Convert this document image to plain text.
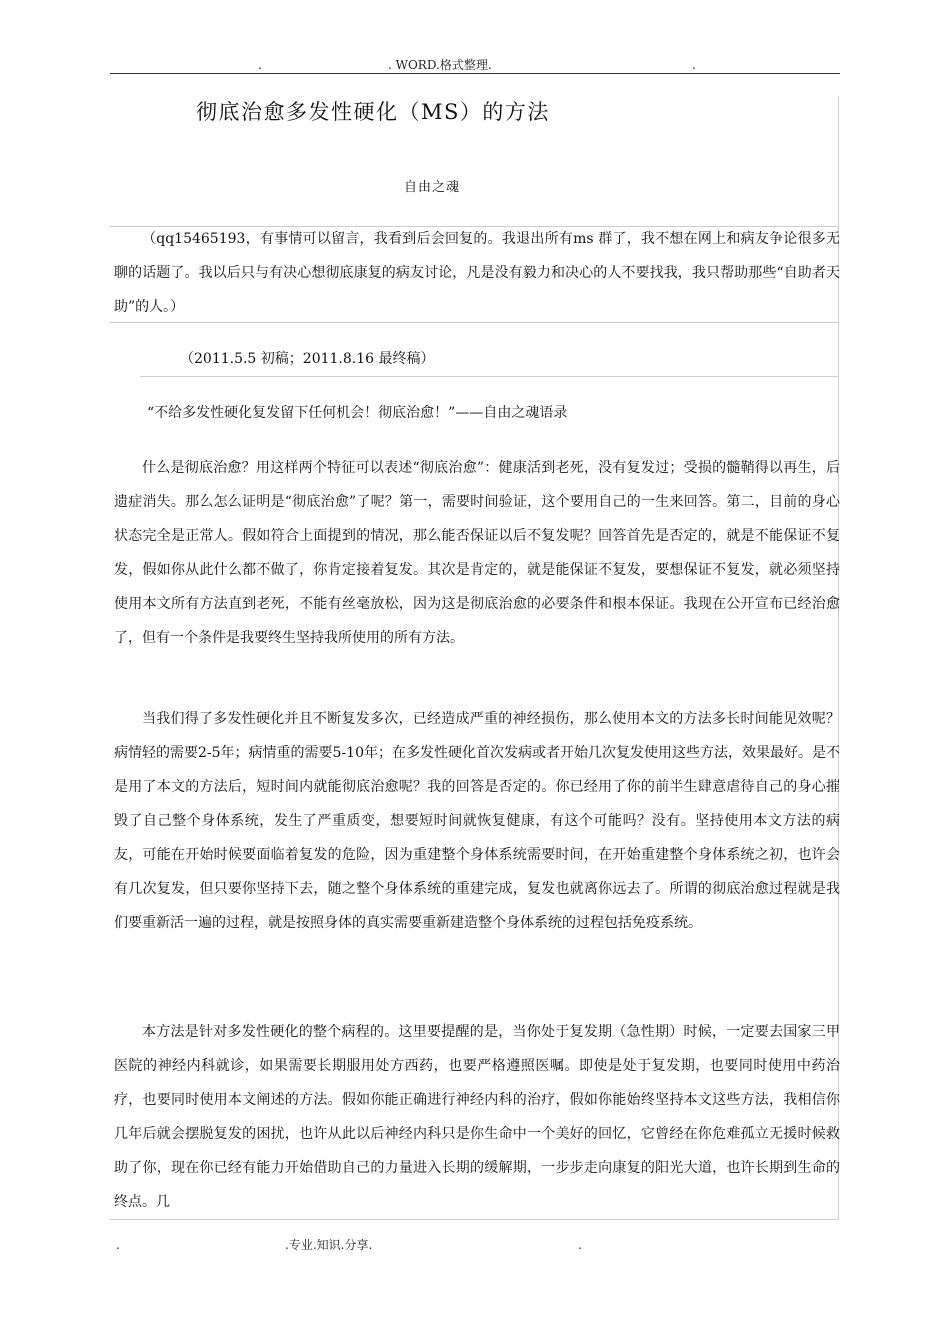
.	. WORD.格式整理.	.
彻底治愈多发性硬化（MS）的方法
自由之魂

（qq15465193，有事情可以留言，我看到后会回复的。我退出所有ms 群了，我不想在网上和病友争论很多无聊的话题了。我以后只与有决心想彻底康复的病友讨论，凡是没有毅力和决心的人不要找我，我只帮助那些“自助者天助”的人。）

（2011.5.5 初稿；2011.8.16 最终稿）
“不给多发性硬化复发留下任何机会！彻底治愈！”——自由之魂语录

什么是彻底治愈？用这样两个特征可以表述“彻底治愈”：健康活到老死，没有复发过；受损的髓鞘得以再生，后遗症消失。那么怎么证明是“彻底治愈”了呢？第一，需要时间验证，这个要用自己的一生来回答。第二，目前的身心状态完全是正常人。假如符合上面提到的情况，那么能否保证以后不复发呢？回答首先是否定的，就是不能保证不复发，假如你从此什么都不做了，你肯定接着复发。其次是肯定的，就是能保证不复发，要想保证不复发，就必须坚持使用本文所有方法直到老死，不能有丝毫放松，因为这是彻底治愈的必要条件和根本保证。我现在公开宣布已经治愈了，但有一个条件是我要终生坚持我所使用的所有方法。

当我们得了多发性硬化并且不断复发多次，已经造成严重的神经损伤，那么使用本文的方法多长时间能见效呢？病情轻的需要2-5年；病情重的需要5-10年；在多发性硬化首次发病或者开始几次复发使用这些方法，效果最好。是不是用了本文的方法后，短时间内就能彻底治愈呢？我的回答是否定的。你已经用了你的前半生肆意虐待自己的身心摧毁了自己整个身体系统，发生了严重质变，想要短时间就恢复健康，有这个可能吗？没有。坚持使用本文方法的病友，可能在开始时候要面临着复发的危险，因为重建整个身体系统需要时间，在开始重建整个身体系统之初，也许会有几次复发，但只要你坚持下去，随之整个身体系统的重建完成，复发也就离你远去了。所谓的彻底治愈过程就是我们要重新活一遍的过程，就是按照身体的真实需要重新建造整个身体系统的过程包括免疫系统。

本方法是针对多发性硬化的整个病程的。这里要提醒的是，当你处于复发期（急性期）时候，一定要去国家三甲医院的神经内科就诊，如果需要长期服用处方西药，也要严格遵照医嘱。即使是处于复发期，也要同时使用中药治疗，也要同时使用本文阐述的方法。假如你能正确进行神经内科的治疗，假如你能始终坚持本文这些方法，我相信你几年后就会摆脱复发的困扰，也许从此以后神经内科只是你生命中一个美好的回忆，它曾经在你危难孤立无援时候救助了你，现在你已经有能力开始借助自己的力量进入长期的缓解期，一步步走向康复的阳光大道，也许长期到生命的终点。几

.	.专业.知识.分享.	.
